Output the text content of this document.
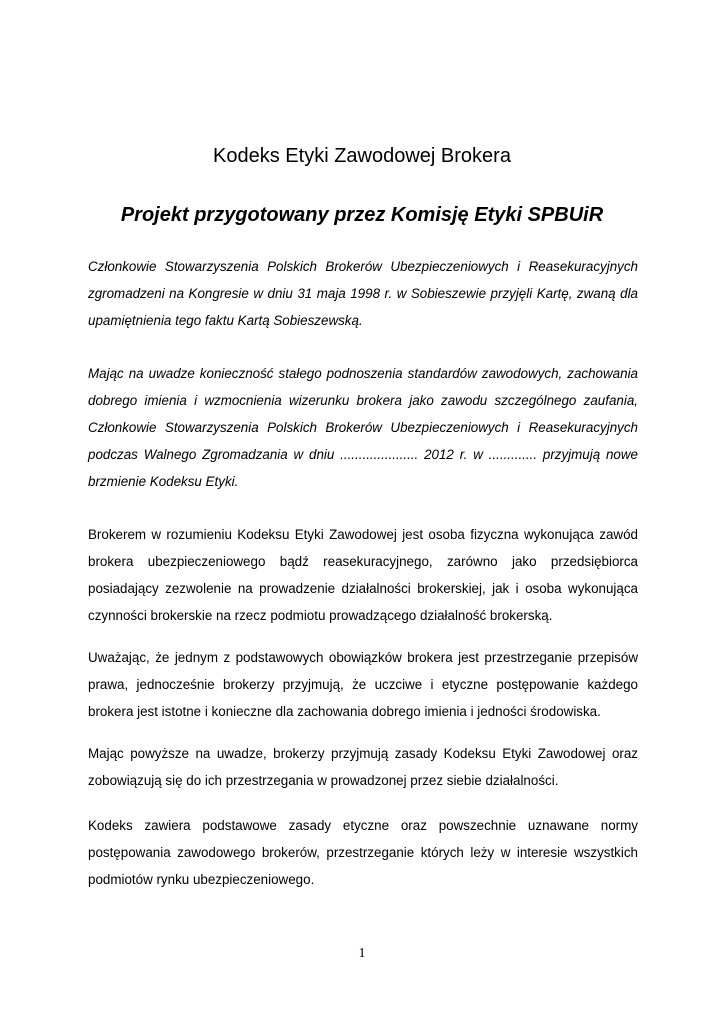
Kodeks Etyki Zawodowej Brokera
Projekt przygotowany przez Komisję Etyki SPBUiR

Członkowie Stowarzyszenia Polskich Brokerów Ubezpieczeniowych i Reasekuracyjnych zgromadzeni na Kongresie w dniu 31 maja 1998 r. w Sobieszewie przyjęli Kartę, zwaną dla upamiętnienia tego faktu Kartą Sobieszewską.

Mając na uwadze konieczność stałego podnoszenia standardów zawodowych, zachowania dobrego imienia i wzmocnienia wizerunku brokera jako zawodu szczególnego zaufania, Członkowie Stowarzyszenia Polskich Brokerów Ubezpieczeniowych i Reasekuracyjnych podczas Walnego Zgromadzania w dniu ..................... 2012 r. w ............. przyjmują nowe brzmienie Kodeksu Etyki.

Brokerem w rozumieniu Kodeksu Etyki Zawodowej jest osoba fizyczna wykonująca zawód brokera ubezpieczeniowego bądź reasekuracyjnego, zarówno jako przedsiębiorca posiadający zezwolenie na prowadzenie działalności brokerskiej, jak i osoba wykonująca czynności brokerskie na rzecz podmiotu prowadzącego działalność brokerską.

Uważając, że jednym z podstawowych obowiązków brokera jest przestrzeganie przepisów prawa, jednocześnie brokerzy przyjmują, że uczciwe i etyczne postępowanie każdego brokera jest istotne i konieczne dla zachowania dobrego imienia i jedności środowiska.

Mając powyższe na uwadze, brokerzy przyjmują zasady Kodeksu Etyki Zawodowej oraz zobowiązują się do ich przestrzegania w prowadzonej przez siebie działalności.

Kodeks zawiera podstawowe zasady etyczne oraz powszechnie uznawane normy postępowania zawodowego brokerów, przestrzeganie których leży w interesie wszystkich podmiotów rynku ubezpieczeniowego.

1
